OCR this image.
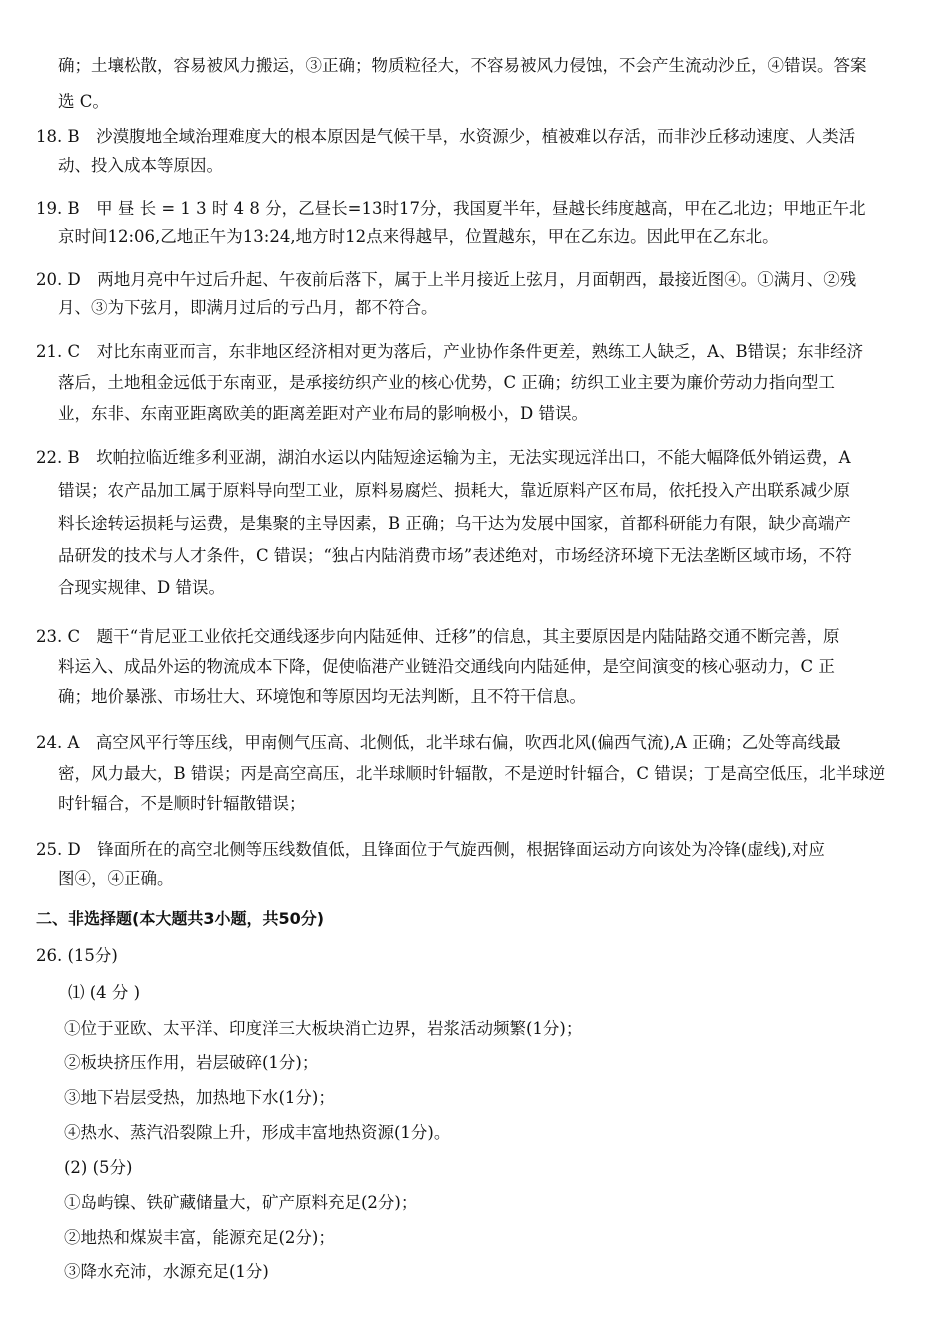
确；土壤松散，容易被风力搬运，③正确；物质粒径大，不容易被风力侵蚀，不会产生流动沙丘，④错误。答案
选 C。
18. B　沙漠腹地全域治理难度大的根本原因是气候干旱，水资源少，植被难以存活，而非沙丘移动速度、人类活
动、投入成本等原因。
19. B　甲 昼 长 = 1 3 时 4 8 分，乙昼长=13时17分，我国夏半年，昼越长纬度越高，甲在乙北边；甲地正午北
京时间12:06,乙地正午为13:24,地方时12点来得越早，位置越东，甲在乙东边。因此甲在乙东北。
20. D　两地月亮中午过后升起、午夜前后落下，属于上半月接近上弦月，月面朝西，最接近图④。①满月、②残
月、③为下弦月，即满月过后的亏凸月，都不符合。
21. C　对比东南亚而言，东非地区经济相对更为落后，产业协作条件更差，熟练工人缺乏，A、B错误；东非经济
落后，土地租金远低于东南亚，是承接纺织产业的核心优势，C 正确；纺织工业主要为廉价劳动力指向型工
业，东非、东南亚距离欧美的距离差距对产业布局的影响极小，D 错误。
22. B　坎帕拉临近维多利亚湖，湖泊水运以内陆短途运输为主，无法实现远洋出口，不能大幅降低外销运费，A
错误；农产品加工属于原料导向型工业，原料易腐烂、损耗大，靠近原料产区布局，依托投入产出联系减少原
料长途转运损耗与运费，是集聚的主导因素，B 正确；乌干达为发展中国家，首都科研能力有限，缺少高端产
品研发的技术与人才条件，C 错误；“独占内陆消费市场”表述绝对，市场经济环境下无法垄断区域市场，不符
合现实规律、D 错误。
23. C　题干“肯尼亚工业依托交通线逐步向内陆延伸、迁移”的信息，其主要原因是内陆陆路交通不断完善，原
料运入、成品外运的物流成本下降，促使临港产业链沿交通线向内陆延伸，是空间演变的核心驱动力，C 正
确；地价暴涨、市场壮大、环境饱和等原因均无法判断，且不符干信息。
24. A　高空风平行等压线，甲南侧气压高、北侧低，北半球右偏，吹西北风(偏西气流),A 正确；乙处等高线最
密，风力最大，B 错误；丙是高空高压，北半球顺时针辐散，不是逆时针辐合，C 错误；丁是高空低压，北半球逆
时针辐合，不是顺时针辐散错误；
25. D　锋面所在的高空北侧等压线数值低，且锋面位于气旋西侧，根据锋面运动方向该处为冷锋(虚线),对应
图④，④正确。
二、非选择题(本大题共3小题，共50分)
26. (15分)
⑴ (4 分 )
①位于亚欧、太平洋、印度洋三大板块消亡边界，岩浆活动频繁(1分)；
②板块挤压作用，岩层破碎(1分)；
③地下岩层受热，加热地下水(1分)；
④热水、蒸汽沿裂隙上升，形成丰富地热资源(1分)。
(2) (5分)
①岛屿镍、铁矿藏储量大，矿产原料充足(2分)；
②地热和煤炭丰富，能源充足(2分)；
③降水充沛，水源充足(1分)
